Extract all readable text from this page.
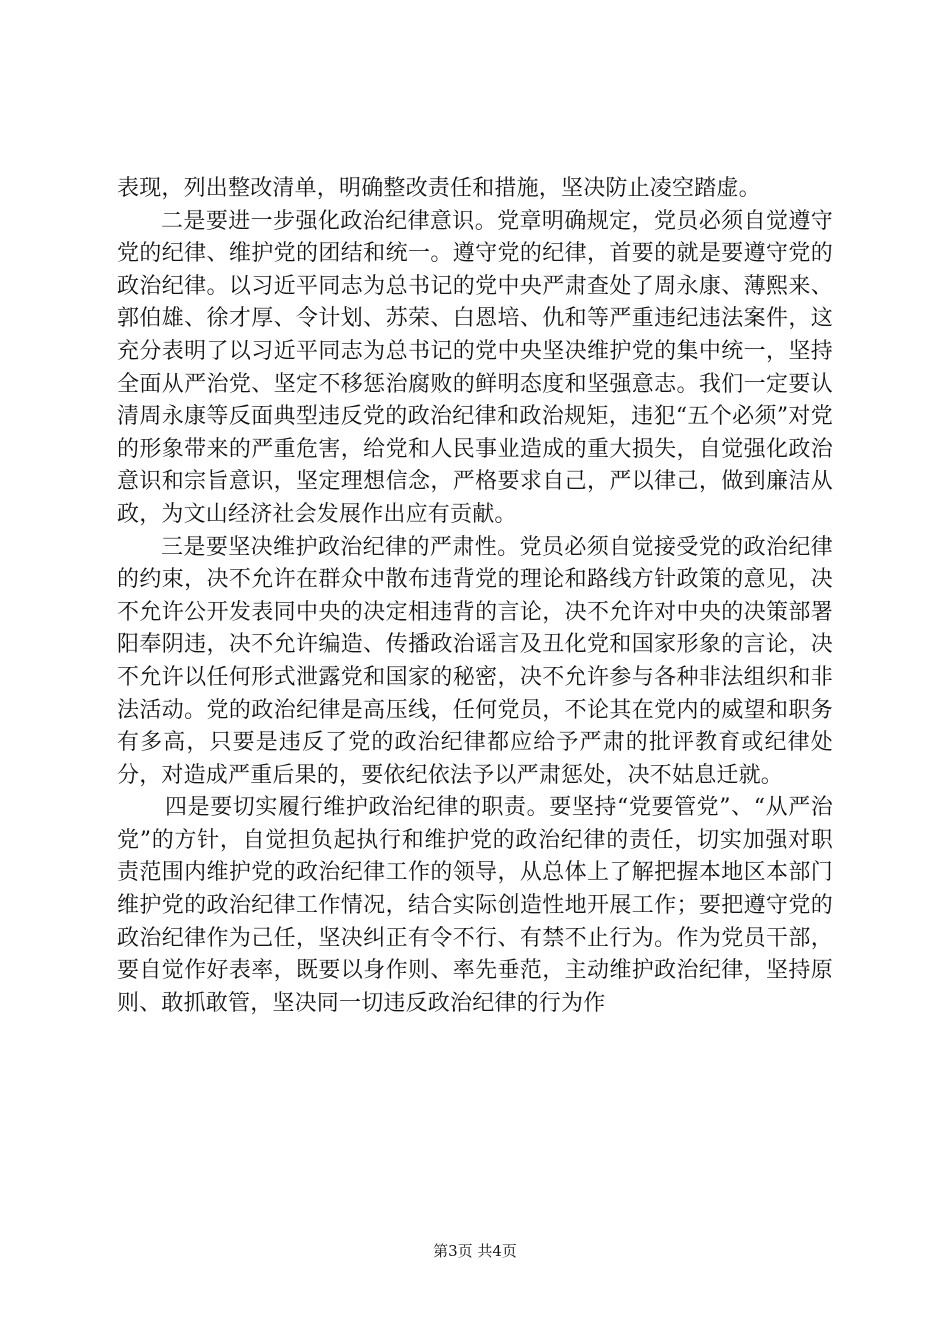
表现，列出整改清单，明确整改责任和措施，坚决防止凌空踏虚。

二是要进一步强化政治纪律意识。党章明确规定，党员必须自觉遵守党的纪律、维护党的团结和统一。遵守党的纪律，首要的就是要遵守党的政治纪律。以习近平同志为总书记的党中央严肃查处了周永康、薄熙来、郭伯雄、徐才厚、令计划、苏荣、白恩培、仇和等严重违纪违法案件，这充分表明了以习近平同志为总书记的党中央坚决维护党的集中统一，坚持全面从严治党、坚定不移惩治腐败的鲜明态度和坚强意志。我们一定要认清周永康等反面典型违反党的政治纪律和政治规矩，违犯“五个必须”对党的形象带来的严重危害，给党和人民事业造成的重大损失，自觉强化政治意识和宗旨意识，坚定理想信念，严格要求自己，严以律己，做到廉洁从政，为文山经济社会发展作出应有贡献。

三是要坚决维护政治纪律的严肃性。党员必须自觉接受党的政治纪律的约束，决不允许在群众中散布违背党的理论和路线方针政策的意见，决不允许公开发表同中央的决定相违背的言论，决不允许对中央的决策部署阳奉阴违，决不允许编造、传播政治谣言及丑化党和国家形象的言论，决不允许以任何形式泄露党和国家的秘密，决不允许参与各种非法组织和非法活动。党的政治纪律是高压线，任何党员，不论其在党内的威望和职务有多高，只要是违反了党的政治纪律都应给予严肃的批评教育或纪律处分，对造成严重后果的，要依纪依法予以严肃惩处，决不姑息迁就。

四是要切实履行维护政治纪律的职责。要坚持“党要管党”、“从严治党”的方针，自觉担负起执行和维护党的政治纪律的责任，切实加强对职责范围内维护党的政治纪律工作的领导，从总体上了解把握本地区本部门维护党的政治纪律工作情况，结合实际创造性地开展工作；要把遵守党的政治纪律作为己任，坚决纠正有令不行、有禁不止行为。作为党员干部，要自觉作好表率，既要以身作则、率先垂范，主动维护政治纪律，坚持原则、敢抓敢管，坚决同一切违反政治纪律的行为作

第3页 共4页
